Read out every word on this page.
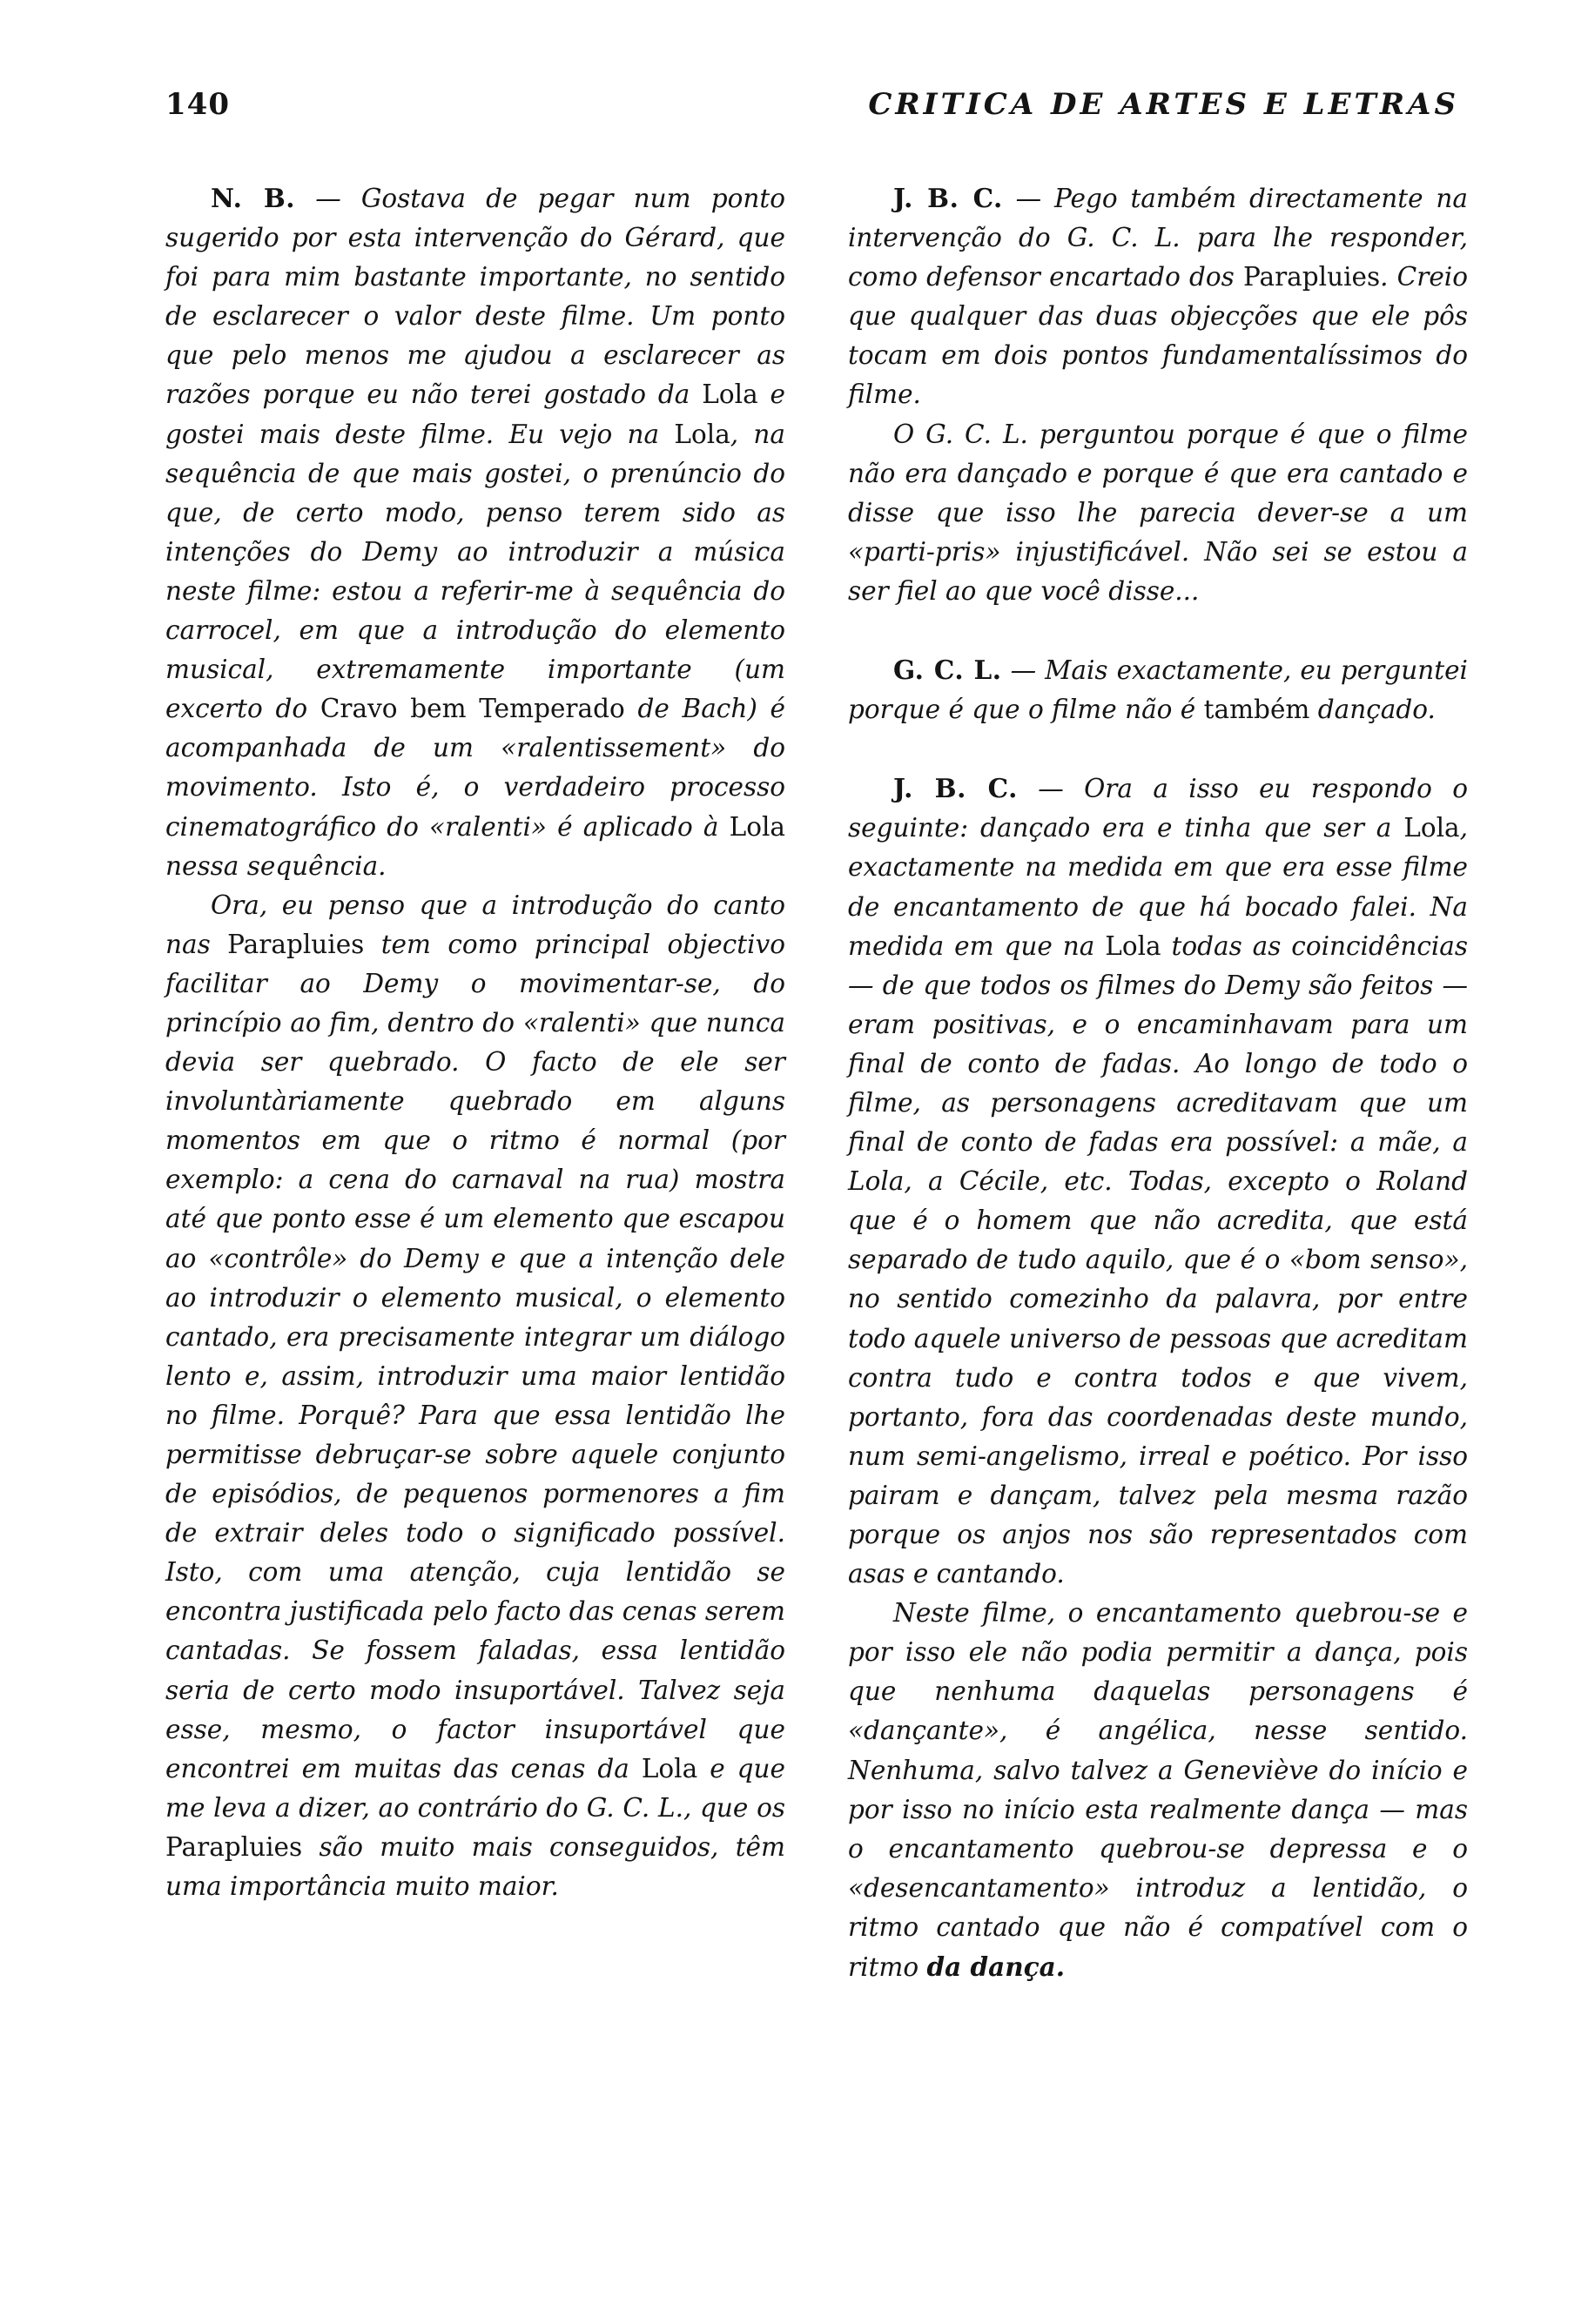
140	CRITICA DE ARTES E LETRAS

N. B. — Gostava de pegar num ponto sugerido por esta intervenção do Gérard, que foi para mim bastante importante, no sentido de esclarecer o valor deste filme. Um ponto que pelo menos me ajudou a esclarecer as razões porque eu não terei gostado da Lola e gostei mais deste filme. Eu vejo na Lola, na sequência de que mais gostei, o prenúncio do que, de certo modo, penso terem sido as intenções do Demy ao introduzir a música neste filme: estou a referir-me à sequência do carrocel, em que a introdução do elemento musical, extremamente importante (um excerto do Cravo bem Temperado de Bach) é acompanhada de um «ralentissement» do movimento. Isto é, o verdadeiro processo cinematográfico do «ralenti» é aplicado à Lola nessa sequência.

Ora, eu penso que a introdução do canto nas Parapluies tem como principal objectivo facilitar ao Demy o movimentar-se, do princípio ao fim, dentro do «ralenti» que nunca devia ser quebrado. O facto de ele ser involuntàriamente quebrado em alguns momentos em que o ritmo é normal (por exemplo: a cena do carnaval na rua) mostra até que ponto esse é um elemento que escapou ao «contrôle» do Demy e que a intenção dele ao introduzir o elemento musical, o elemento cantado, era precisamente integrar um diálogo lento e, assim, introduzir uma maior lentidão no filme. Porquê? Para que essa lentidão lhe permitisse debruçar-se sobre aquele conjunto de episódios, de pequenos pormenores a fim de extrair deles todo o significado possível. Isto, com uma atenção, cuja lentidão se encontra justificada pelo facto das cenas serem cantadas. Se fossem faladas, essa lentidão seria de certo modo insuportável. Talvez seja esse, mesmo, o factor insuportável que encontrei em muitas das cenas da Lola e que me leva a dizer, ao contrário do G. C. L., que os Parapluies são muito mais conseguidos, têm uma importância muito maior.

J. B. C. — Pego também directamente na intervenção do G. C. L. para lhe responder, como defensor encartado dos Parapluies. Creio que qualquer das duas objecções que ele pôs tocam em dois pontos fundamentalíssimos do filme.

O G. C. L. perguntou porque é que o filme não era dançado e porque é que era cantado e disse que isso lhe parecia dever-se a um «parti-pris» injustificável. Não sei se estou a ser fiel ao que você disse...

G. C. L. — Mais exactamente, eu perguntei porque é que o filme não é também dançado.

J. B. C. — Ora a isso eu respondo o seguinte: dançado era e tinha que ser a Lola, exactamente na medida em que era esse filme de encantamento de que há bocado falei. Na medida em que na Lola todas as coincidências — de que todos os filmes do Demy são feitos — eram positivas, e o encaminhavam para um final de conto de fadas. Ao longo de todo o filme, as personagens acreditavam que um final de conto de fadas era possível: a mãe, a Lola, a Cécile, etc. Todas, excepto o Roland que é o homem que não acredita, que está separado de tudo aquilo, que é o «bom senso», no sentido comezinho da palavra, por entre todo aquele universo de pessoas que acreditam contra tudo e contra todos e que vivem, portanto, fora das coordenadas deste mundo, num semi-angelismo, irreal e poético. Por isso pairam e dançam, talvez pela mesma razão porque os anjos nos são representados com asas e cantando.

Neste filme, o encantamento quebrou-se e por isso ele não podia permitir a dança, pois que nenhuma daquelas personagens é «dançante», é angélica, nesse sentido. Nenhuma, salvo talvez a Geneviève do início e por isso no início esta realmente dança — mas o encantamento quebrou-se depressa e o «desencantamento» introduz a lentidão, o ritmo cantado que não é compatível com o ritmo da dança.
